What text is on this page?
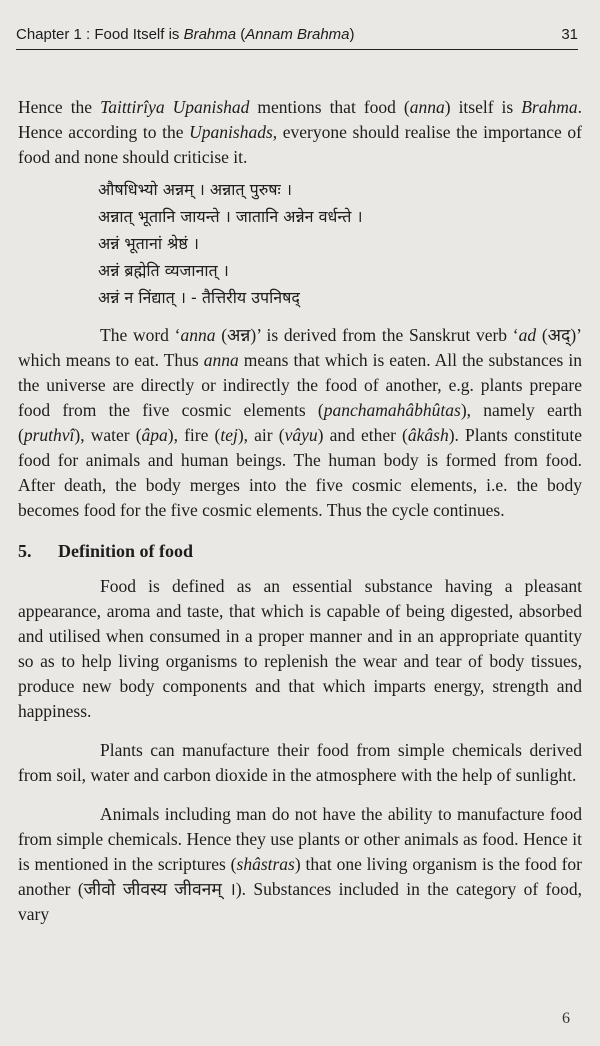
Chapter 1 : Food Itself is Brahma (Annam Brahma)	31

Hence the Taittirîya Upanishad mentions that food (anna) itself is Brahma. Hence according to the Upanishads, everyone should realise the importance of food and none should criticise it.

औषधिभ्यो अन्नम् । अन्नात् पुरुषः ।
अन्नात् भूतानि जायन्ते । जातानि अन्नेन वर्धन्ते ।
अन्नं भूतानां श्रेष्ठं ।
अन्नं ब्रह्मेति व्यजानात् ।
अन्नं न निंद्यात् । - तैत्तिरीय उपनिषद्

The word ‘anna (अन्न)’ is derived from the Sanskrut verb ‘ad (अद्)’ which means to eat. Thus anna means that which is eaten. All the substances in the universe are directly or indirectly the food of another, e.g. plants prepare food from the five cosmic elements (panchamahâbhûtas), namely earth (pruthvî), water (âpa), fire (tej), air (vâyu) and ether (âkâsh). Plants constitute food for animals and human beings. The human body is formed from food. After death, the body merges into the five cosmic elements, i.e. the body becomes food for the five cosmic elements. Thus the cycle continues.

5. Definition of food

Food is defined as an essential substance having a pleasant appearance, aroma and taste, that which is capable of being digested, absorbed and utilised when consumed in a proper manner and in an appropriate quantity so as to help living organisms to replenish the wear and tear of body tissues, produce new body components and that which imparts energy, strength and happiness.

Plants can manufacture their food from simple chemicals derived from soil, water and carbon dioxide in the atmosphere with the help of sunlight.

Animals including man do not have the ability to manufacture food from simple chemicals. Hence they use plants or other animals as food. Hence it is mentioned in the scriptures (shâstras) that one living organism is the food for another (जीवो जीवस्य जीवनम् ।). Substances included in the category of food, vary

6
